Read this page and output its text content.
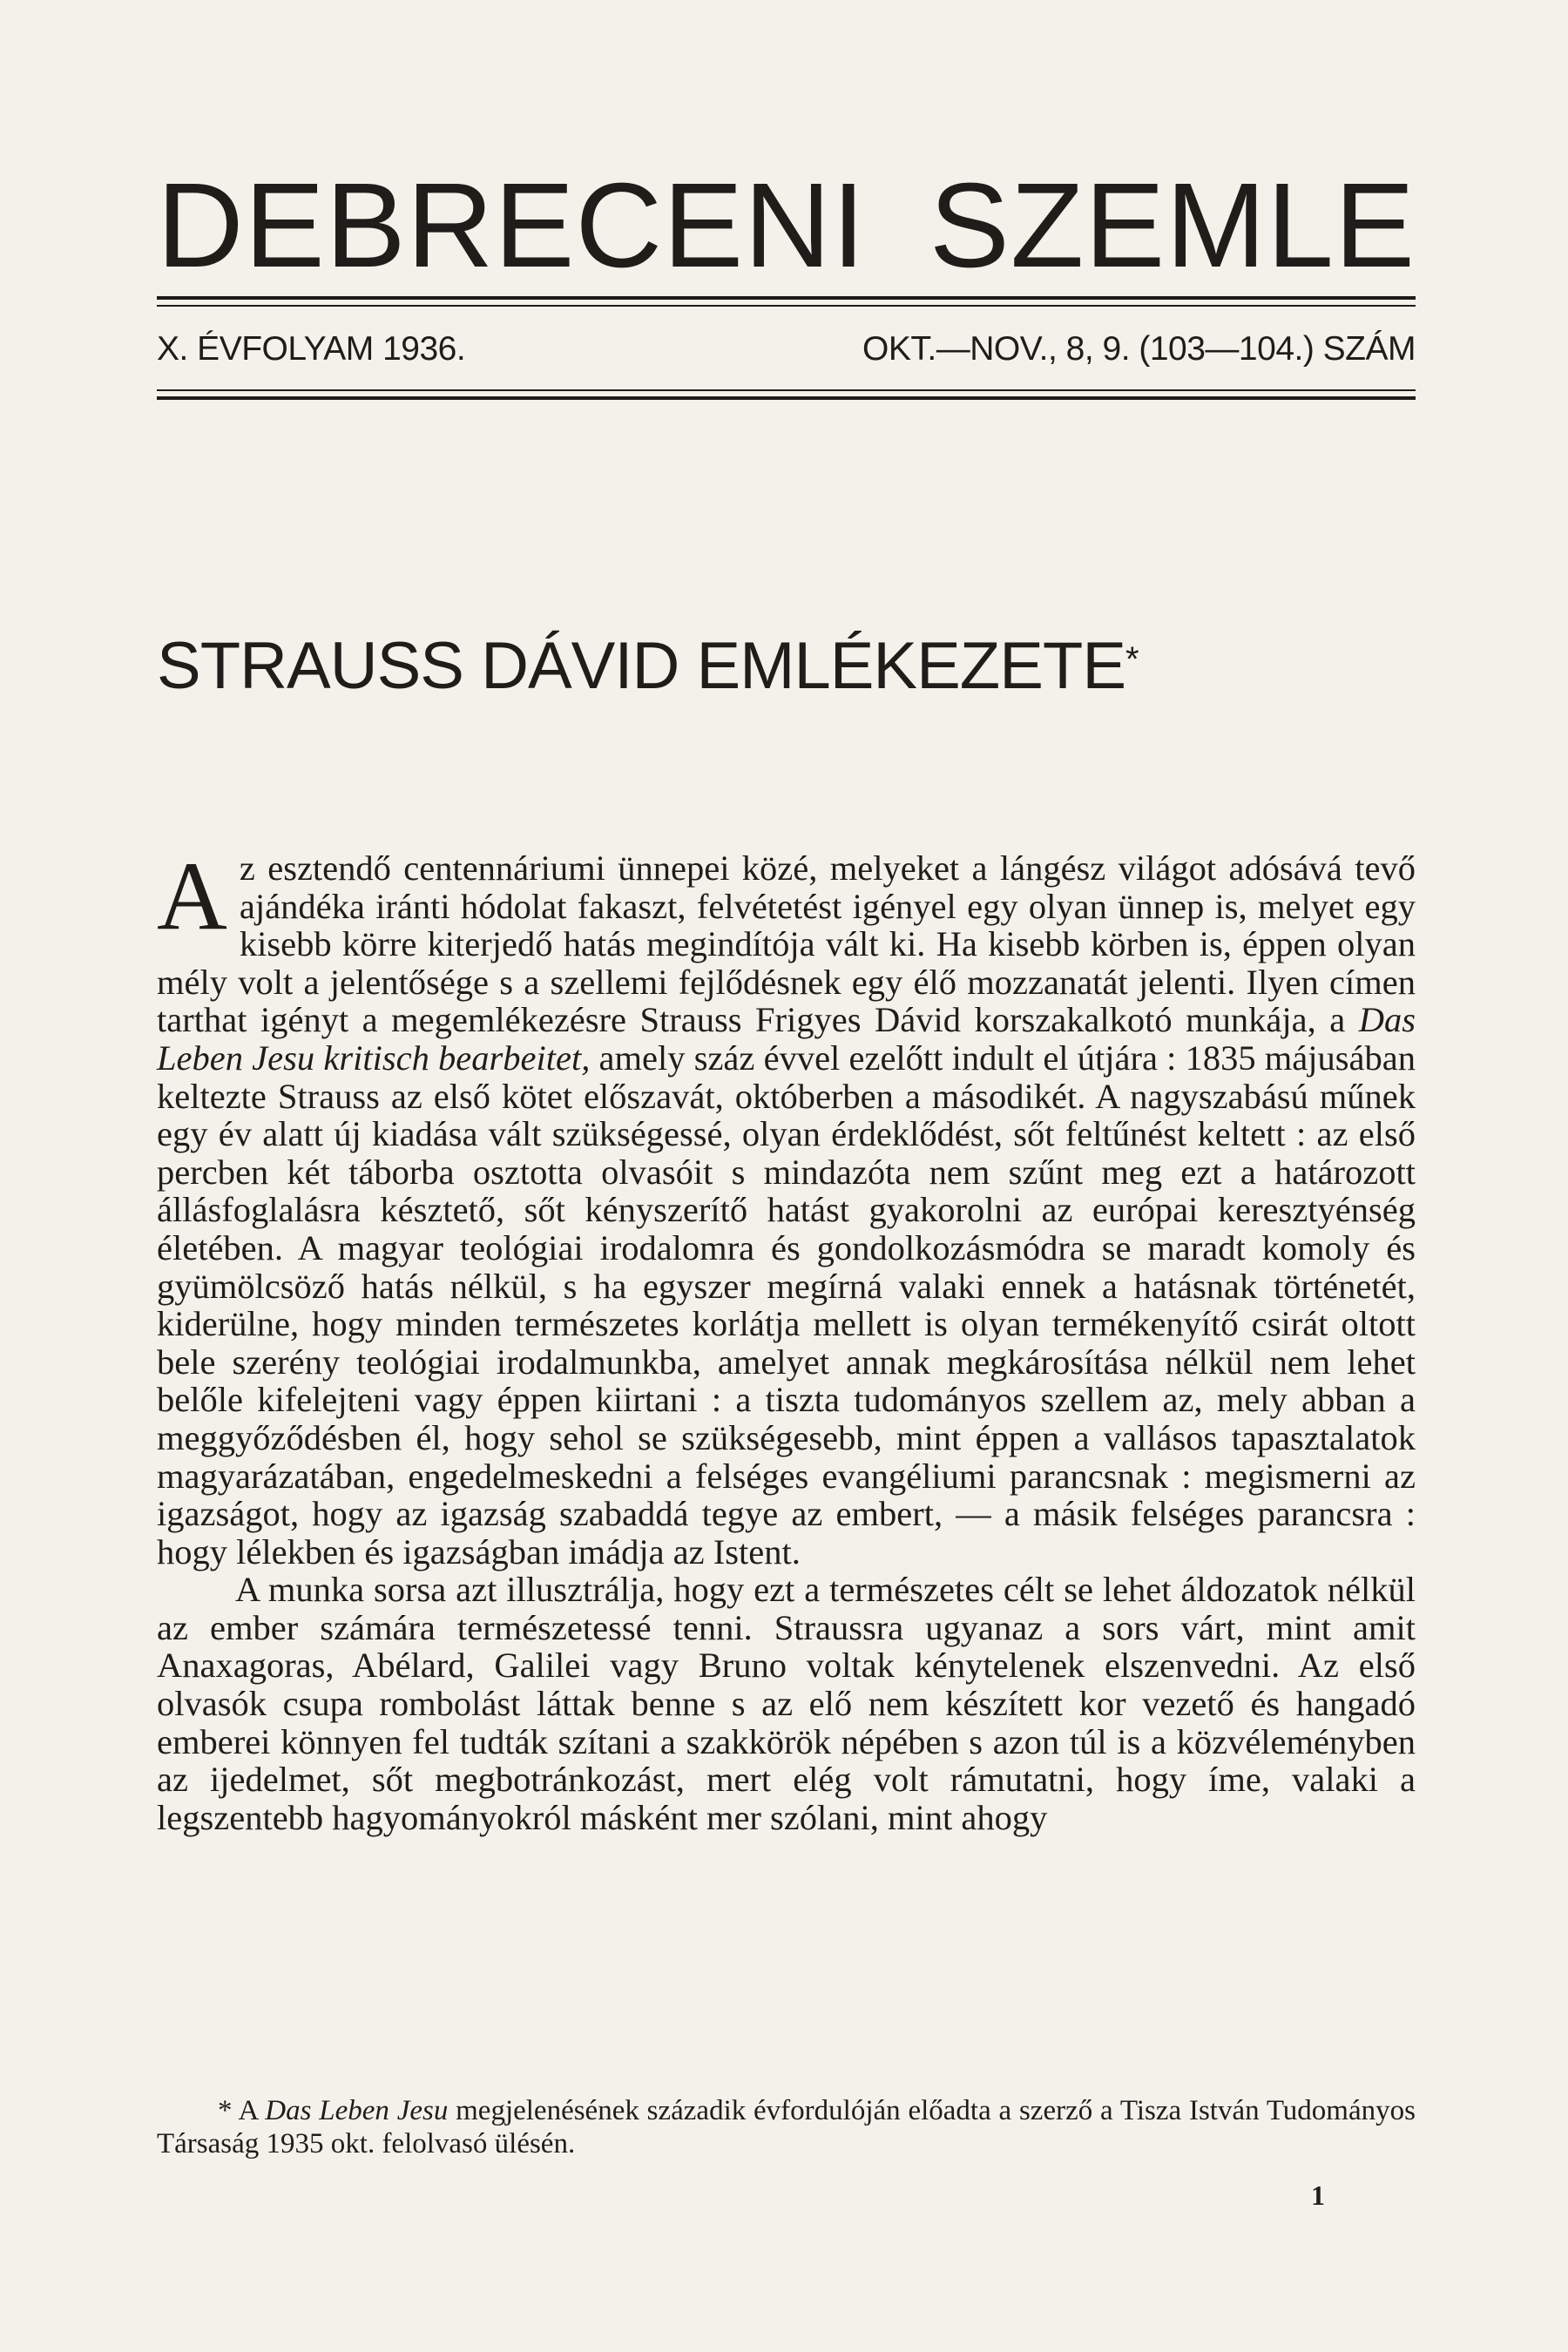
DEBRECENI SZEMLE
X. ÉVFOLYAM 1936.	OKT.—NOV., 8, 9. (103—104.) SZÁM
STRAUSS DÁVID EMLÉKEZETE*

Az esztendő centennáriumi ünnepei közé, melyeket a lángész világot adósává tevő ajándéka iránti hódolat fakaszt, felvétetést igényel egy olyan ünnep is, melyet egy kisebb körre kiterjedő hatás megindítója vált ki. Ha kisebb körben is, éppen olyan mély volt a jelentősége s a szellemi fejlődésnek egy élő mozzanatát jelenti. Ilyen címen tarthat igényt a megemlékezésre Strauss Frigyes Dávid korszakalkotó munkája, a Das Leben Jesu kritisch bearbeitet, amely száz évvel ezelőtt indult el útjára : 1835 májusában keltezte Strauss az első kötet előszavát, októberben a másodikét. A nagyszabású műnek egy év alatt új kiadása vált szükségessé, olyan érdeklődést, sőt feltűnést keltett : az első percben két táborba osztotta olvasóit s mindazóta nem szűnt meg ezt a határozott állásfoglalásra késztető, sőt kényszerítő hatást gyakorolni az európai keresztyénség életében. A magyar teológiai irodalomra és gondolkozásmódra se maradt komoly és gyümölcsöző hatás nélkül, s ha egyszer megírná valaki ennek a hatásnak történetét, kiderülne, hogy minden természetes korlátja mellett is olyan termékenyítő csirát oltott bele szerény teológiai irodalmunkba, amelyet annak megkárosítása nélkül nem lehet belőle kifelejteni vagy éppen kiirtani : a tiszta tudományos szellem az, mely abban a meggyőződésben él, hogy sehol se szükségesebb, mint éppen a vallásos tapasztalatok magyarázatában, engedelmeskedni a felséges evangéliumi parancsnak : megismerni az igazságot, hogy az igazság szabaddá tegye az embert, — a másik felséges parancsra : hogy lélekben és igazságban imádja az Istent.

A munka sorsa azt illusztrálja, hogy ezt a természetes célt se lehet áldozatok nélkül az ember számára természetessé tenni. Straussra ugyanaz a sors várt, mint amit Anaxagoras, Abélard, Galilei vagy Bruno voltak kénytelenek elszenvedni. Az első olvasók csupa rombolást láttak benne s az elő nem készített kor vezető és hangadó emberei könnyen fel tudták szítani a szakkörök népében s azon túl is a közvéleményben az ijedelmet, sőt megbotránkozást, mert elég volt rámutatni, hogy íme, valaki a legszentebb hagyományokról másként mer szólani, mint ahogy

* A Das Leben Jesu megjelenésének századik évfordulóján előadta a szerző a Tisza István Tudományos Társaság 1935 okt. felolvasó ülésén.
1
